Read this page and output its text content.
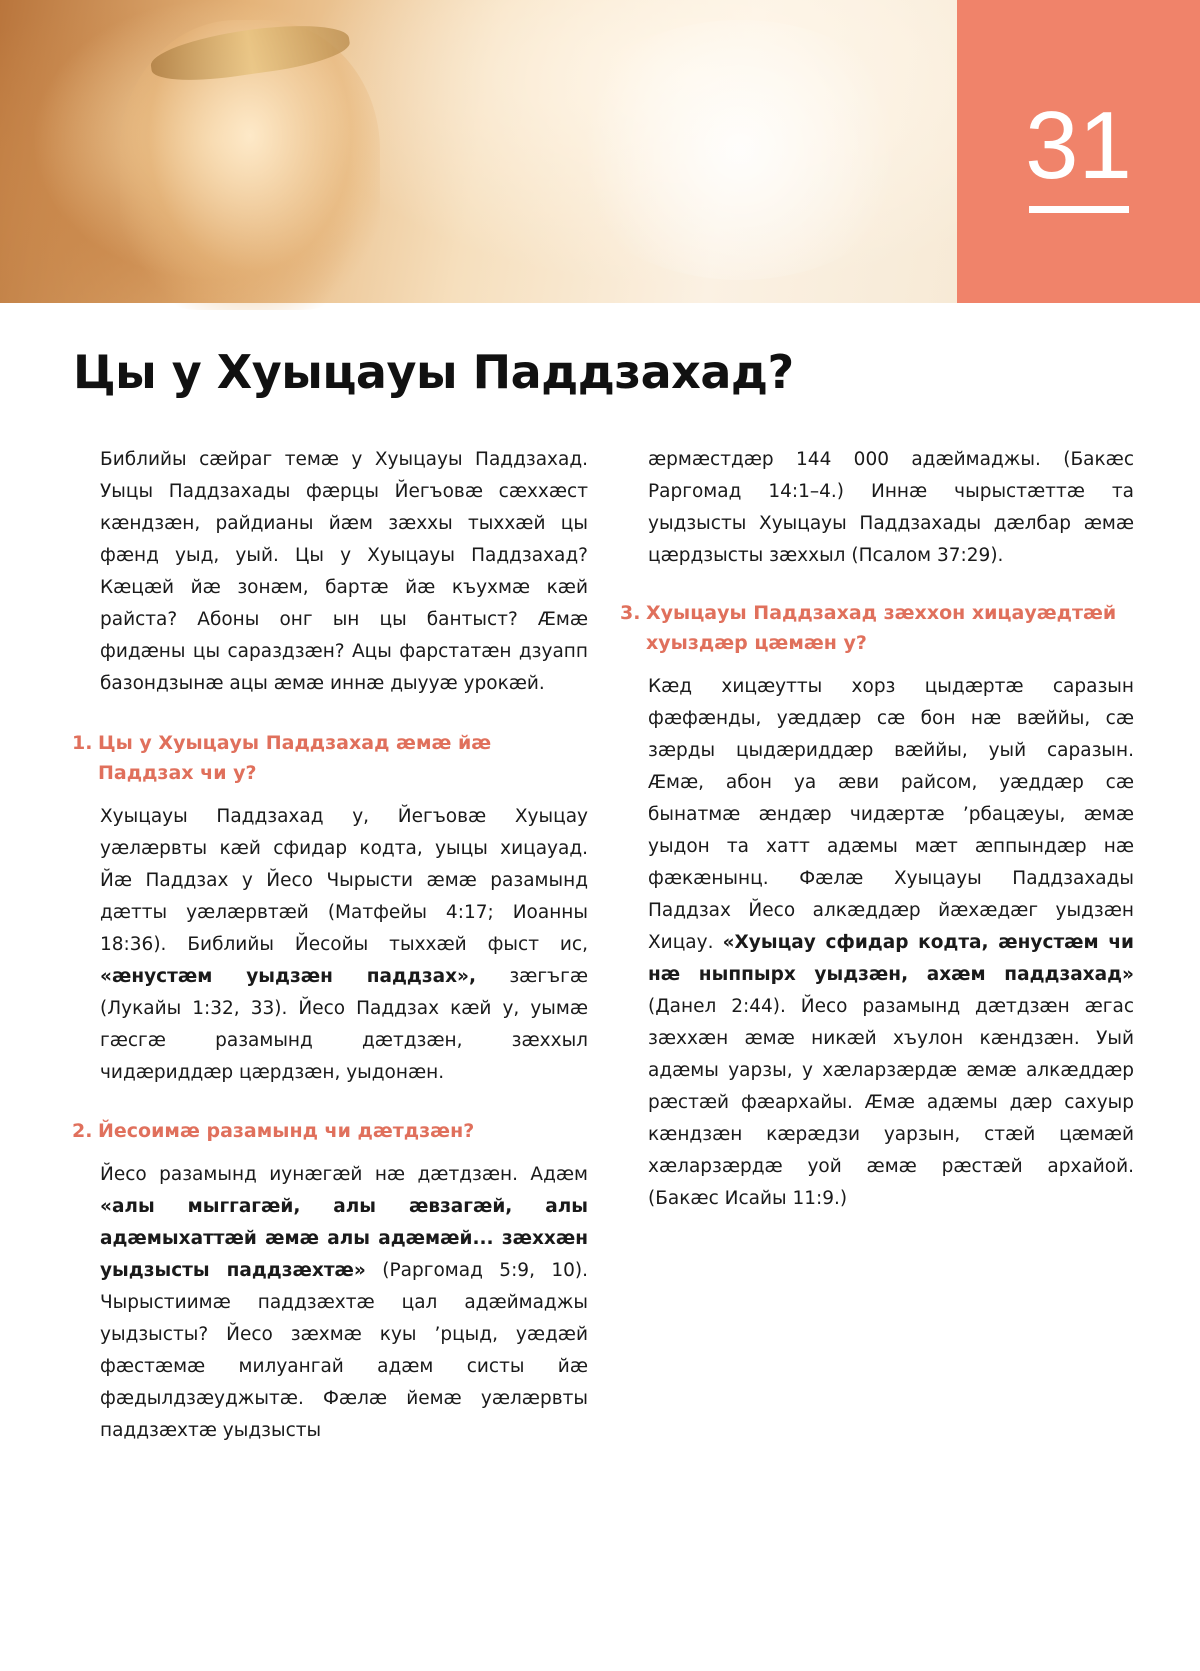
31
Цы у Хуыцауы Паддзахад?

Библийы сæйраг темæ у Хуыцауы Паддзахад. Уыцы Паддзахады фæрцы Йегъовæ сæххæст кæндзæн, райдианы йæм зæххы тыххæй цы фæнд уыд, уый. Цы у Хуыцауы Паддзахад? Кæцæй йæ зонæм, бартæ йæ къухмæ кæй райста? Абоны онг ын цы бантыст? Æмæ фидæны цы сараздзæн? Ацы фарстатæн дзуапп базондзынæ ацы æмæ иннæ дыууæ урокæй.

1. Цы у Хуыцауы Паддзахад æмæ йæ Паддзах чи у?

Хуыцауы Паддзахад у, Йегъовæ Хуыцау уæлæрвты кæй сфидар кодта, уыцы хицауад. Йæ Паддзах у Йесо Чырысти æмæ разамынд дæтты уæлæрвтæй (Матфейы 4:17; Иоанны 18:36). Библийы Йесойы тыххæй фыст ис, «æнустæм уыдзæн паддзах», зæгъгæ (Лукайы 1:32, 33). Йесо Паддзах кæй у, уымæ гæсгæ разамынд дæтдзæн, зæххыл чидæриддæр цæрдзæн, уыдонæн.

2. Йесоимæ разамынд чи дæтдзæн?

Йесо разамынд иунæгæй нæ дæтдзæн. Адæм «алы мыггагæй, алы æвзагæй, алы адæмыхаттæй æмæ алы адæмæй... зæххæн уыдзысты паддзæхтæ» (Раргомад 5:9, 10). Чырыстиимæ паддзæхтæ цал адæймаджы уыдзысты? Йесо зæхмæ куы ’рцыд, уæдæй фæстæмæ милуангай адæм систы йæ фæдылдзæуджытæ. Фæлæ йемæ уæлæрвты паддзæхтæ уыдзысты

æрмæстдæр 144 000 адæймаджы. (Бакæс Раргомад 14:1–4.) Иннæ чырыстæттæ та уыдзысты Хуыцауы Паддзахады дæлбар æмæ цæрдзысты зæххыл (Псалом 37:29).

3. Хуыцауы Паддзахад зæххон хицауæдтæй хуыздæр цæмæн у?

Кæд хицæутты хорз цыдæртæ саразын фæфæнды, уæддæр сæ бон нæ вæййы, сæ зæрды цыдæриддæр вæййы, уый саразын. Æмæ, абон уа æви райсом, уæддæр сæ бынатмæ æндæр чидæртæ ’рбацæуы, æмæ уыдон та хатт адæмы мæт æппындæр нæ фæкæнынц. Фæлæ Хуыцауы Паддзахады Паддзах Йесо алкæддæр йæхæдæг уыдзæн Хицау. «Хуыцау сфидар кодта, æнустæм чи нæ ныппырх уыдзæн, ахæм паддзахад» (Данел 2:44). Йесо разамынд дæтдзæн æгас зæххæн æмæ никæй хъулон кæндзæн. Уый адæмы уарзы, у хæларзæрдæ æмæ алкæддæр рæстæй фæархайы. Æмæ адæмы дæр сахуыр кæндзæн кæрæдзи уарзын, стæй цæмæй хæларзæрдæ уой æмæ рæстæй архайой. (Бакæс Исайы 11:9.)
